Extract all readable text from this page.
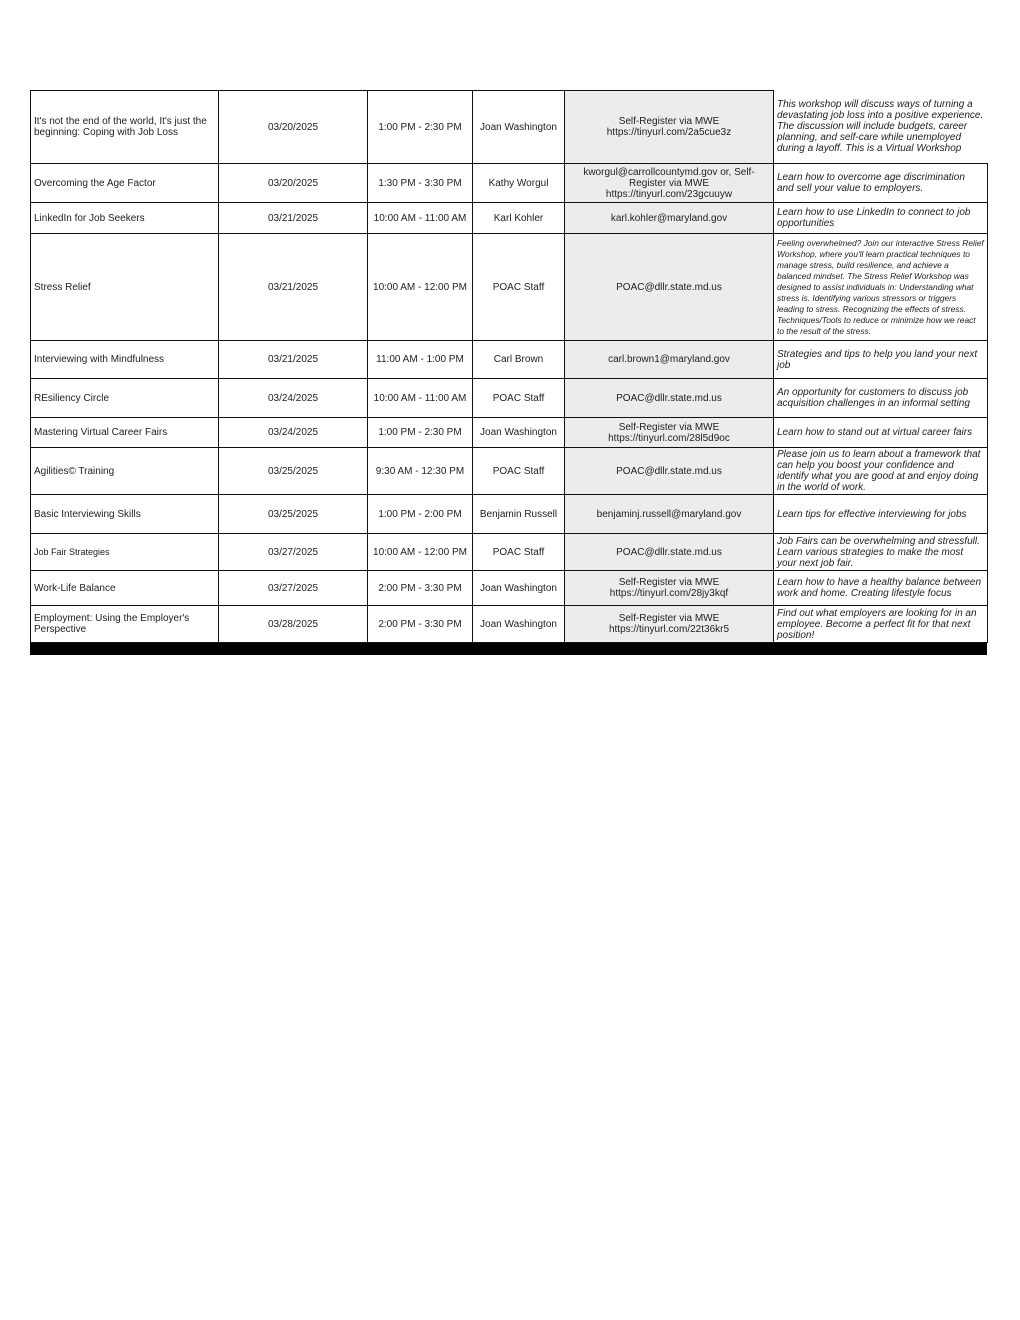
It's not the end of the world, It's just the beginning: Coping with Job Loss	03/20/2025	1:00 PM - 2:30 PM	Joan Washington	Self-Register via MWE https://tinyurl.com/2a5cue3z	This workshop will discuss ways of turning a devastating job loss into a positive experience. The discussion will include budgets, career planning, and self-care while unemployed during a layoff. This is a Virtual Workshop
Overcoming the Age Factor	03/20/2025	1:30 PM - 3:30 PM	Kathy Worgul	kworgul@carrollcountymd.gov or, Self-Register via MWE https://tinyurl.com/23gcuuyw	Learn how to overcome age discrimination and sell your value to employers.
LinkedIn for Job Seekers	03/21/2025	10:00 AM - 11:00 AM	Karl Kohler	karl.kohler@maryland.gov	Learn how to use LinkedIn to connect to job opportunities
Stress Relief	03/21/2025	10:00 AM - 12:00 PM	POAC Staff	POAC@dllr.state.md.us	Feeling overwhelmed? Join our interactive Stress Relief Workshop, where you'll learn practical techniques to manage stress, build resilience, and achieve a balanced mindset. The Stress Relief Workshop was designed to assist individuals in: Understanding what stress is. Identifying various stressors or triggers leading to stress. Recognizing the effects of stress. Techniques/Tools to reduce or minimize how we react to the result of the stress.
Interviewing with Mindfulness	03/21/2025	11:00 AM - 1:00 PM	Carl Brown	carl.brown1@maryland.gov	Strategies and tips to help you land your next job
REsiliency Circle	03/24/2025	10:00 AM - 11:00 AM	POAC Staff	POAC@dllr.state.md.us	An opportunity for customers to discuss job acquisition challenges in an informal setting
Mastering Virtual Career Fairs	03/24/2025	1:00 PM - 2:30 PM	Joan Washington	Self-Register via MWE https://tinyurl.com/28l5d9oc	Learn how to stand out at virtual career fairs
Agilities© Training	03/25/2025	9:30 AM - 12:30 PM	POAC Staff	POAC@dllr.state.md.us	Please join us to learn about a framework that can help you boost your confidence and identify what you are good at and enjoy doing in the world of work.
Basic Interviewing Skills	03/25/2025	1:00 PM - 2:00 PM	Benjamin Russell	benjaminj.russell@maryland.gov	Learn tips for effective interviewing for jobs
Job Fair Strategies	03/27/2025	10:00 AM - 12:00 PM	POAC Staff	POAC@dllr.state.md.us	Job Fairs can be overwhelming and stressfull. Learn various strategies to make the most your next job fair.
Work-Life Balance	03/27/2025	2:00 PM - 3:30 PM	Joan Washington	Self-Register via MWE https://tinyurl.com/28jy3kqf	Learn how to have a healthy balance between work and home. Creating lifestyle focus
Employment: Using the Employer's Perspective	03/28/2025	2:00 PM - 3:30 PM	Joan Washington	Self-Register via MWE https://tinyurl.com/22t36kr5	Find out what employers are looking for in an employee. Become a perfect fit for that next position!
